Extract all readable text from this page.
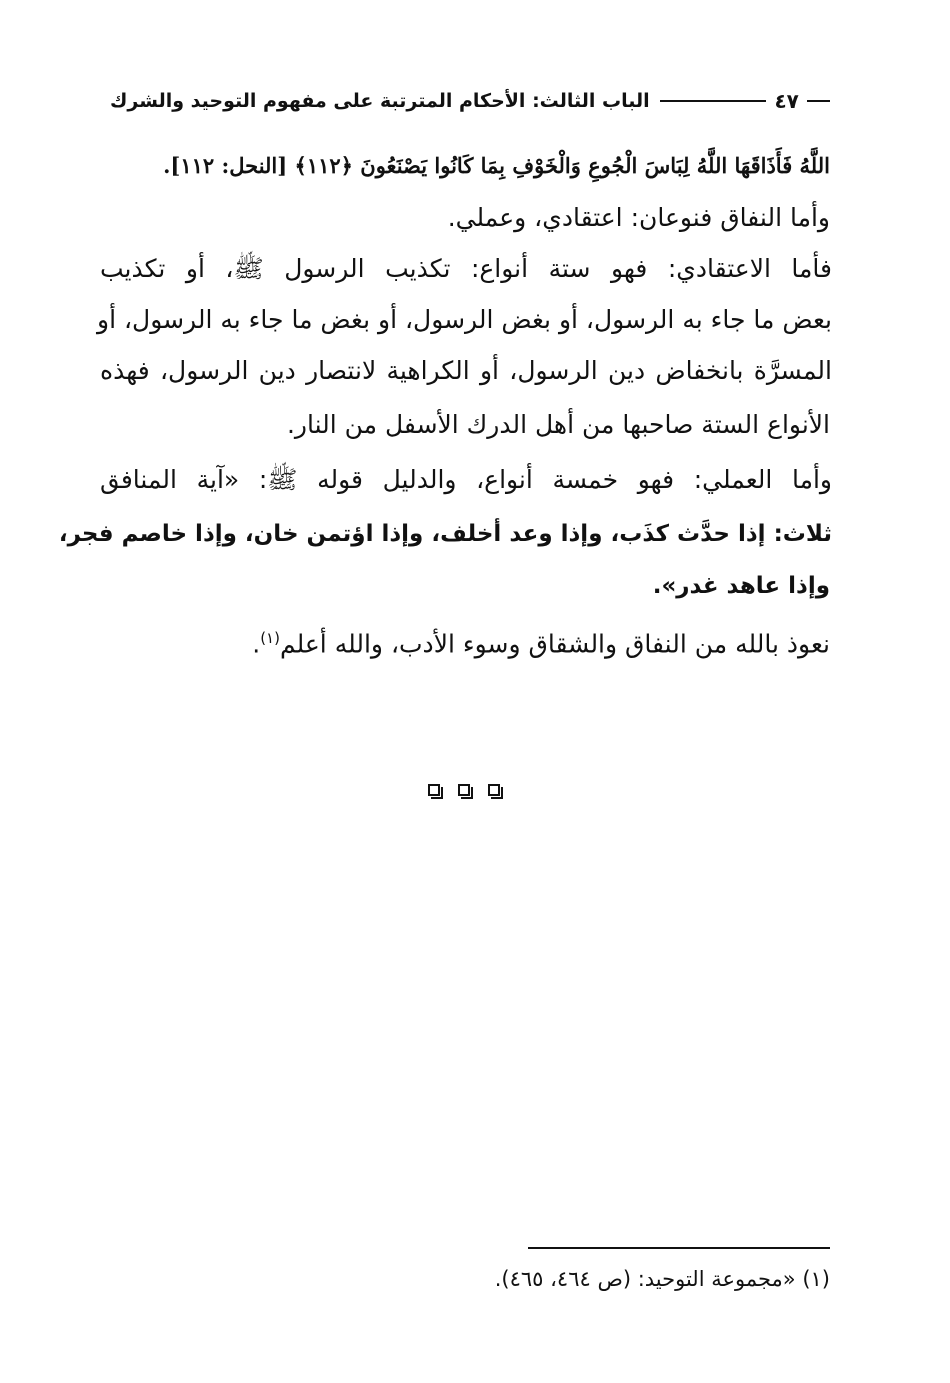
٤٧
الباب الثالث: الأحكام المترتبة على مفهوم التوحيد والشرك
اللَّهُ فَأَذَاقَهَا اللَّهُ لِبَاسَ الْجُوعِ وَالْخَوْفِ بِمَا كَانُوا يَصْنَعُونَ ﴿١١٢﴾ [النحل: ١١٢].
وأما النفاق فنوعان: اعتقادي، وعملي.
فأما الاعتقادي: فهو ستة أنواع: تكذيب الرسول ﷺ، أو تكذيب
بعض ما جاء به الرسول، أو بغض الرسول، أو بغض ما جاء به الرسول، أو
المسرَّة بانخفاض دين الرسول، أو الكراهية لانتصار دين الرسول، فهذه
الأنواع الستة صاحبها من أهل الدرك الأسفل من النار.
وأما العملي: فهو خمسة أنواع، والدليل قوله ﷺ: «آية المنافق
ثلاث: إذا حدَّث كذَب، وإذا وعد أخلف، وإذا اؤتمن خان، وإذا خاصم فجر،
وإذا عاهد غدر».
نعوذ بالله من النفاق والشقاق وسوء الأدب، والله أعلم$^{(١)}$.
(١) «مجموعة التوحيد: (ص ٤٦٤، ٤٦٥).
